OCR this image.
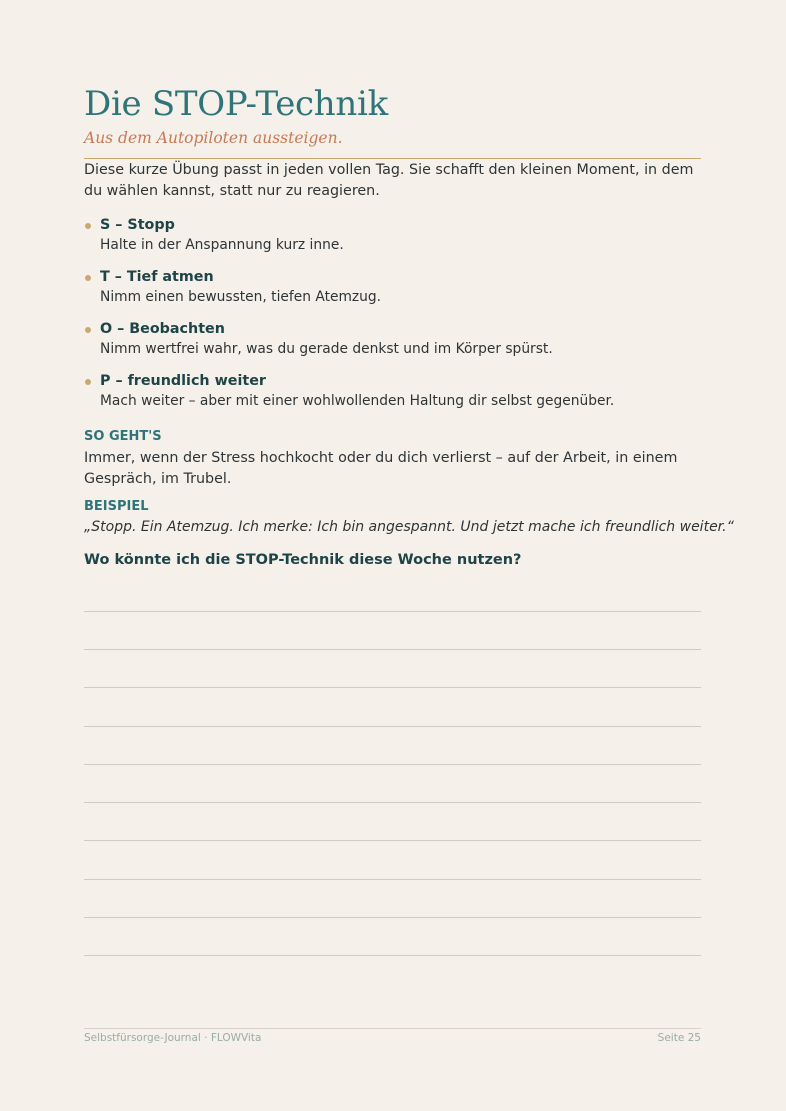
Die STOP-Technik

Aus dem Autopiloten aussteigen.

Diese kurze Übung passt in jeden vollen Tag. Sie schafft den kleinen Moment, in dem du wählen kannst, statt nur zu reagieren.

S – Stopp
Halte in der Anspannung kurz inne.
T – Tief atmen
Nimm einen bewussten, tiefen Atemzug.
O – Beobachten
Nimm wertfrei wahr, was du gerade denkst und im Körper spürst.
P – freundlich weiter
Mach weiter – aber mit einer wohlwollenden Haltung dir selbst gegenüber.
SO GEHT'S

Immer, wenn der Stress hochkocht oder du dich verlierst – auf der Arbeit, in einem Gespräch, im Trubel.

BEISPIEL

„Stopp. Ein Atemzug. Ich merke: Ich bin angespannt. Und jetzt mache ich freundlich weiter.“

Wo könnte ich die STOP-Technik diese Woche nutzen?
Selbstfürsorge-Journal · FLOWVita	Seite 25
